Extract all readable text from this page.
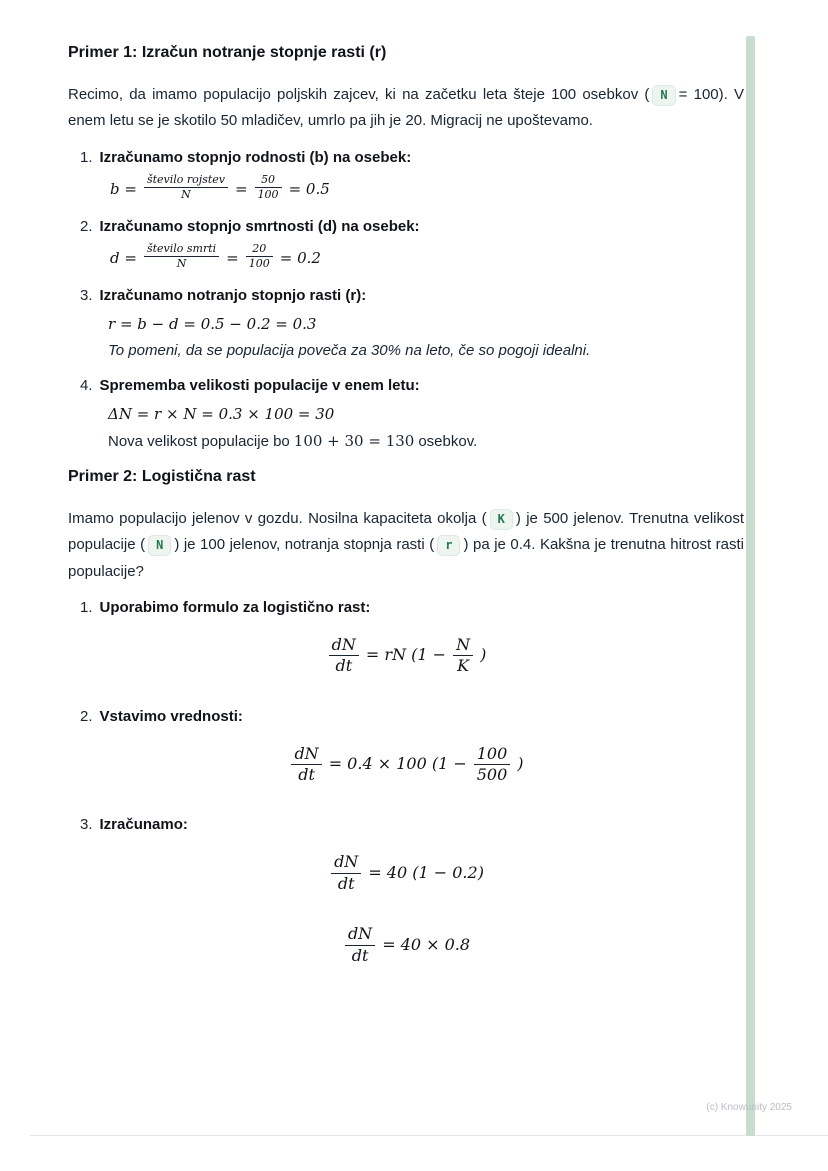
Primer 1: Izračun notranje stopnje rasti (r)

Recimo, da imamo populacijo poljskih zajcev, ki na začetku leta šteje 100 osebkov ( N = 100). V enem letu se je skotilo 50 mladičev, umrlo pa jih je 20. Migracij ne upoštevamo.

1. Izračunamo stopnjo rodnosti (b) na osebek:
$b = \frac{\text{število rojstev}}{N} = \frac{50}{100} = 0.5$
2. Izračunamo stopnjo smrtnosti (d) na osebek:
$d = \frac{\text{število smrti}}{N} = \frac{20}{100} = 0.2$
3. Izračunamo notranjo stopnjo rasti (r):
r = b − d = 0.5 − 0.2 = 0.3
To pomeni, da se populacija poveča za 30% na leto, če so pogoji idealni.
4. Sprememba velikosti populacije v enem letu:
ΔN = r × N = 0.3 × 100 = 30
Nova velikost populacije bo 100 + 30 = 130 osebkov.
Primer 2: Logistična rast

Imamo populacijo jelenov v gozdu. Nosilna kapaciteta okolja ( K ) je 500 jelenov. Trenutna velikost populacije ( N ) je 100 jelenov, notranja stopnja rasti ( r ) pa je 0.4. Kakšna je trenutna hitrost rasti populacije?

1. Uporabimo formulo za logistično rast:
$\frac{dN}{dt}$ = rN ($1 - \frac{N}{K}$ )
2. Vstavimo vrednosti:
$\frac{dN}{dt} = 0.4 \times 100$ ($1 - \frac{100}{500}$ )
3. Izračunamo:
$\frac{dN}{dt} = 40$ (1 − 0.2)
$\frac{dN}{dt} = 40 \times 0.8$
(c) Knowunity 2025
